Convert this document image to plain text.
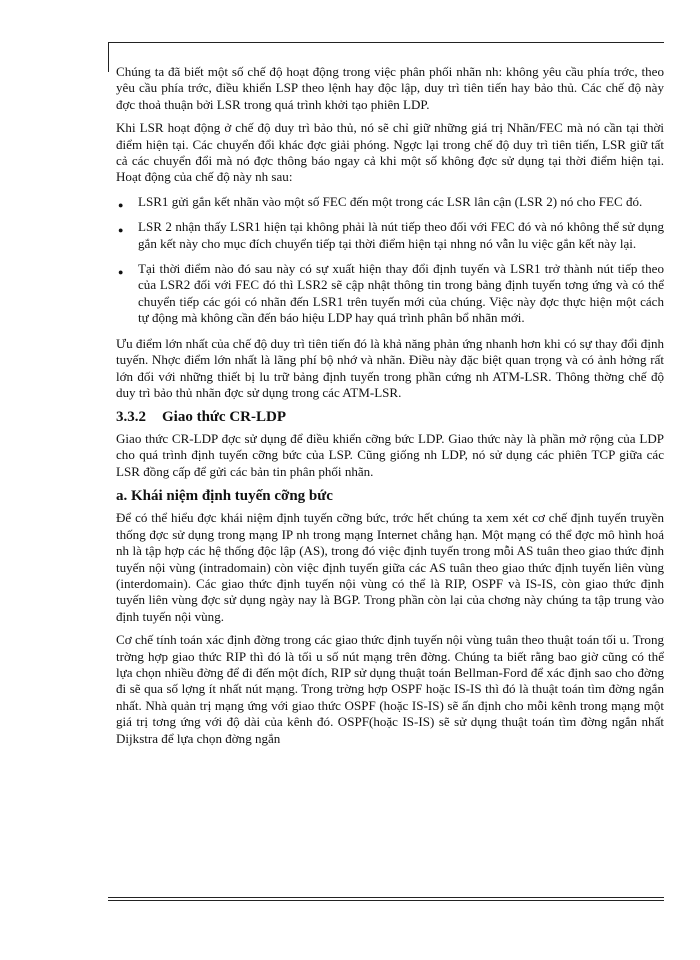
Chúng ta đã biết một số chế độ hoạt động trong việc phân phối nhãn nh: không yêu cầu phía trớc, theo yêu cầu phía trớc, điều khiển LSP theo lệnh hay độc lập, duy trì tiên tiến hay bảo thủ. Các chế độ này đợc thoả thuận bởi LSR trong quá trình khởi tạo phiên LDP.

Khi LSR hoạt động ở chế độ duy trì bảo thủ, nó sẽ chỉ giữ những giá trị Nhãn/FEC mà nó cần tại thời điểm hiện tại. Các chuyển đổi khác đợc giải phóng. Ngợc lại trong chế độ duy trì tiên tiến, LSR giữ tất cả các chuyển đổi mà nó đợc thông báo ngay cả khi một số không đợc sử dụng tại thời điểm hiện tại. Hoạt động của chế độ này nh sau:

● LSR1 gửi gắn kết nhãn vào một số FEC đến một trong các LSR lân cận (LSR 2) nó cho FEC đó.
● LSR 2 nhận thấy LSR1 hiện tại không phải là nút tiếp theo đối với FEC đó và nó không thể sử dụng gắn kết này cho mục đích chuyển tiếp tại thời điểm hiện tại nhng nó vẫn lu việc gắn kết này lại.
● Tại thời điểm nào đó sau này có sự xuất hiện thay đổi định tuyến và LSR1 trở thành nút tiếp theo của LSR2 đối với FEC đó thì LSR2 sẽ cập nhật thông tin trong bảng định tuyến tơng ứng và có thể chuyển tiếp các gói có nhãn đến LSR1 trên tuyến mới của chúng. Việc này đợc thực hiện một cách tự động mà không cần đến báo hiệu LDP hay quá trình phân bổ nhãn mới.

Ưu điểm lớn nhất của chế độ duy trì tiên tiến đó là khả năng phản ứng nhanh hơn khi có sự thay đổi định tuyến. Nhợc điểm lớn nhất là lãng phí bộ nhớ và nhãn. Điều này đặc biệt quan trọng và có ảnh hởng rất lớn đối với những thiết bị lu trữ bảng định tuyến trong phần cứng nh ATM-LSR. Thông thờng chế độ duy trì bảo thủ nhãn đợc sử dụng trong các ATM-LSR.

3.3.2 Giao thức CR-LDP

Giao thức CR-LDP đợc sử dụng để điều khiển cỡng bức LDP. Giao thức này là phần mở rộng của LDP cho quá trình định tuyến cỡng bức của LSP. Cũng giống nh LDP, nó sử dụng các phiên TCP giữa các LSR đồng cấp để gửi các bản tin phân phối nhãn.

a. Khái niệm định tuyến cỡng bức

Để có thể hiểu đợc khái niệm định tuyến cỡng bức, trớc hết chúng ta xem xét cơ chế định tuyến truyền thống đợc sử dụng trong mạng IP nh trong mạng Internet chẳng hạn. Một mạng có thể đợc mô hình hoá nh là tập hợp các hệ thống độc lập (AS), trong đó việc định tuyến trong mỗi AS tuân theo giao thức định tuyến nội vùng (intradomain) còn việc định tuyến giữa các AS tuân theo giao thức định tuyến liên vùng (interdomain). Các giao thức định tuyến nội vùng có thể là RIP, OSPF và IS-IS, còn giao thức định tuyến liên vùng đợc sử dụng ngày nay là BGP. Trong phần còn lại của chơng này chúng ta tập trung vào định tuyến nội vùng.

Cơ chế tính toán xác định đờng trong các giao thức định tuyến nội vùng tuân theo thuật toán tối u. Trong trờng hợp giao thức RIP thì đó là tối u số nút mạng trên đờng. Chúng ta biết rằng bao giờ cũng có thể lựa chọn nhiều đờng để đi đến một đích, RIP sử dụng thuật toán Bellman-Ford để xác định sao cho đờng đi sẽ qua số lợng ít nhất nút mạng. Trong trờng hợp OSPF hoặc IS-IS thì đó là thuật toán tìm đờng ngắn nhất. Nhà quản trị mạng ứng với giao thức OSPF (hoặc IS-IS) sẽ ấn định cho mỗi kênh trong mạng một giá trị tơng ứng với độ dài của kênh đó. OSPF(hoặc IS-IS) sẽ sử dụng thuật toán tìm đờng ngắn nhất Dijkstra để lựa chọn đờng ngắn
